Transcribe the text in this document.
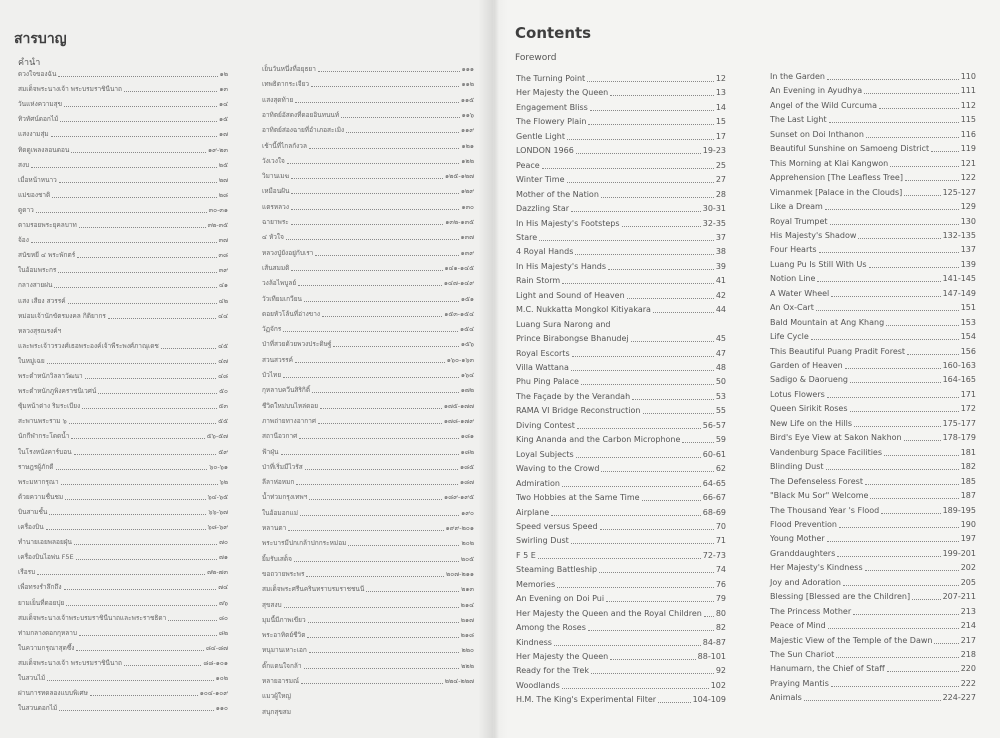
สารบาญ
คำนำ
ดวงใจของฉัน	๑๒
สมเด็จพระนางเจ้า พระบรมราชินีนาถ	๑๓
วันแห่งความสุข	๑๔
ทิวทัศน์ดอกไม้	๑๕
แสงงามสุ่ม	๑๗
ทิดดูเพลงลอนดอน	๑๙-๒๓
สงบ	๒๕
เมื่อหน้าหนาว	๒๗
แม่ของชาติ	๒๘
ดูดาว	๓๐-๓๑
ตามรอยพระยุคลบาท	๓๒-๓๕
จ้อง	๓๗
สนัขหยี ๔ พระพักตร์	๓๘
ในอ้อมพระกร	๓๙
กลางสายฝน	๔๑
แสง เสียง สวรรค์	๔๒
หม่อมเจ้านักขัตรมงคล กิติยากร	๔๔
หลวงสุรณรงค์ฯ
และพระเจ้าวรวงศ์เธอพระองค์เจ้าพีระพงศ์ภาณุเดช	๔๕
ในหมู่เฉย	๔๗
พระตำหนักวิลลาวัฒนา	๔๘
พระตำหนักภูพิงคราชนิเวศน์	๕๐
ซุ้มหน้าต่าง ริมระเบียง	๕๓
สะพานพระราม ๖	๕๕
นักกีฬากระโดดน้ำ	๕๖-๕๗
ในโรงหนังคาร์บอน	๕๙
ราษฎรผู้ภักดี	๖๐-๖๑
พระมหากรุณา	๖๒
ด้วยความชื่นชม	๖๔-๖๕
บินสามชั้น	๖๖-๖๗
เครื่องบิน	๖๘-๖๙
ทำนายเอยพลอยฝุ่น	๗๐
เครื่องบินไอพ่น F5E	๗๑
เรือรบ	๗๒-๗๓
เพื่อทรงรำลึกถึง	๗๔
ยามเย็นที่ดอยปุย	๗๖
สมเด็จพระนางเจ้าพระบรมราชินีนาถและพระราชธิดา	๘๐
ท่ามกลางดอกกุหลาบ	๘๒
ในความกรุณาสุดซึ้ง	๘๔-๘๗
สมเด็จพระนางเจ้า พระบรมราชินีนาถ	๘๘-๑๐๑
ในสวนไม้	๑๐๒
ผ่านการทดลองแบบพิเศษ	๑๐๔-๑๐๙
ในสวนดอกไม้	๑๑๐
เย็นวันหนึ่งที่อยุธยา	๑๑๑
เทพธิดากระเจียว	๑๑๒
แสงสุดท้าย	๑๑๕
อาทิตย์อัสดงที่ดอยอินทนนท์	๑๑๖
อาทิตย์ส่องฉายที่อำเภอสะเมิง	๑๑๙
เช้านี้ที่ไกลกังวล	๑๒๑
วังเวงใจ	๑๒๒
วิมานเมฆ	๑๒๕-๑๒๗
เหมือนฝัน	๑๒๙
แตรหลวง	๑๓๐
ฉายาพระ	๑๓๒-๑๓๕
๔ หัวใจ	๑๓๗
หลวงปู่ยังอยู่กับเรา	๑๓๙
เส้นสมมติ	๑๔๑-๑๔๕
วงล้อไพบูลย์	๑๔๗-๑๔๙
วัวเทียมเกวียน	๑๕๑
ดอยหัวโล้นที่อ่างขาง	๑๕๓-๑๕๔
วัฏจักร	๑๕๔
ป่าที่สวยด้วยพวงประดิษฐ์	๑๕๖
สวนสวรรค์	๑๖๐-๑๖๓
บัวไทย	๑๖๔
กุหลาบควีนสิริกิติ์	๑๗๒
ชีวิตใหม่บนไหล่ดอย	๑๗๕-๑๗๗
ภาพถ่ายทางอากาศ	๑๗๘-๑๗๙
สถานีอวกาศ	๑๘๑
ฟ้าฝุ่น	๑๘๒
ป่าที่เริ่มมีไวรัส	๑๘๕
ลีลาห่อหมก	๑๘๗
น้ำท่วมกรุงเทพฯ	๑๘๙-๑๙๕
ในอ้อมอกแม่	๑๙๐
หลานตา	๑๙๙-๒๐๑
พระบารมีปกเกล้าปกกระหม่อม	๒๐๒
ยิ้มรับเสด็จ	๒๐๕
ขอถวายพระพร	๒๐๗-๒๑๑
สมเด็จพระศรีนครินทราบรมราชชนนี	๒๑๓
สุขสงบ	๒๑๔
มุมนี้มีภาพเขียว	๒๑๗
พระอาทิตย์ชีวิต	๒๑๘
หนุมานเหาะเอก	๒๒๐
ตั๊กแตนใจกล้า	๒๒๒
หลายอารมณ์	๒๒๔-๒๒๗
แมวผู้ใหญ่
สนุกสุขสม
Contents
Foreword
The Turning Point	12
Her Majesty the Queen	13
Engagement Bliss	14
The Flowery Plain	15
Gentle Light	17
LONDON 1966	19-23
Peace	25
Winter Time	27
Mother of the Nation	28
Dazzling Star	30-31
In His Majesty's Footsteps	32-35
Stare	37
4 Royal Hands	38
In His Majesty's Hands	39
Rain Storm	41
Light and Sound of Heaven	42
M.C. Nukkatta Mongkol Kitiyakara	44
Luang Sura Narong and
Prince Birabongse Bhanudej	45
Royal Escorts	47
Villa Wattana	48
Phu Ping Palace	50
The Façade by the Verandah	53
RAMA VI Bridge Reconstruction	55
Diving Contest	56-57
King Ananda and the Carbon Microphone	59
Loyal Subjects	60-61
Waving to the Crowd	62
Admiration	64-65
Two Hobbies at the Same Time	66-67
Airplane	68-69
Speed versus Speed	70
Swirling Dust	71
F 5 E	72-73
Steaming Battleship	74
Memories	76
An Evening on Doi Pui	79
Her Majesty the Queen and the Royal Children 80
Among the Roses	82
Kindness	84-87
Her Majesty the Queen	88-101
Ready for the Trek	92
Woodlands	102
H.M. The King's Experimental Filter	104-109
In the Garden	110
An Evening in Ayudhya	111
Angel of the Wild Curcuma	112
The Last Light	115
Sunset on Doi Inthanon	116
Beautiful Sunshine on Samoeng District	119
This Morning at Klai Kangwon	121
Apprehension [The Leafless Tree]	122
Vimanmek [Palace in the Clouds]	125-127
Like a Dream	129
Royal Trumpet	130
His Majesty's Shadow	132-135
Four Hearts	137
Luang Pu Is Still With Us	139
Notion Line	141-145
A Water Wheel	147-149
An Ox-Cart	151
Bald Mountain at Ang Khang	153
Life Cycle	154
This Beautiful Puang Pradit Forest	156
Garden of Heaven	160-163
Sadigo & Daorueng	164-165
Lotus Flowers	171
Queen Sirikit Roses	172
New Life on the Hills	175-177
Bird's Eye View at Sakon Nakhon	178-179
Vandenburg Space Facilities	181
Blinding Dust	182
The Defenseless Forest	185
"Black Mu Sor" Welcome	187
The Thousand Year 's Flood	189-195
Flood Prevention	190
Young Mother	197
Granddaughters	199-201
Her Majesty's Kindness	202
Joy and Adoration	205
Blessing [Blessed are the Children]	207-211
The Princess Mother	213
Peace of Mind	214
Majestic View of the Temple of the Dawn	217
The Sun Chariot	218
Hanumarn, the Chief of Staff	220
Praying Mantis	222
Animals	224-227
